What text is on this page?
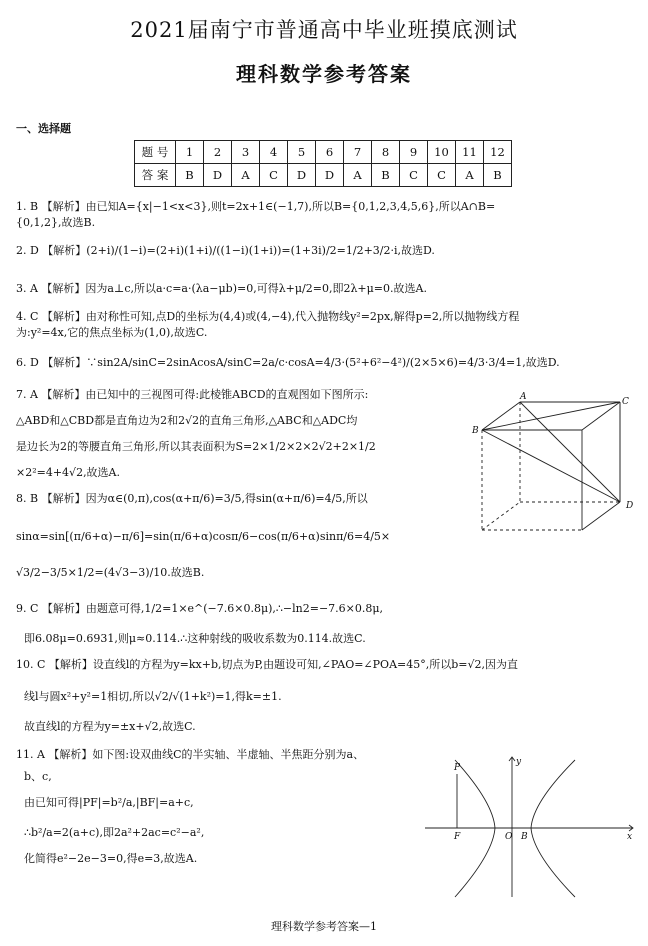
2021届南宁市普通高中毕业班摸底测试
理科数学参考答案
一、选择题
题 号	1	2	3	4	5	6	7	8	9	10	11	12
答 案	B	D	A	C	D	D	A	B	C	C	A	B
1. B 【解析】由已知A={x|−1<x<3},则t=2x+1∈(−1,7),所以B={0,1,2,3,4,5,6},所以A∩B=
{0,1,2},故选B.
2. D 【解析】(2+i)/(1−i)=(2+i)(1+i)/((1−i)(1+i))=(1+3i)/2=1/2+3/2·i,故选D.
3. A 【解析】因为a⊥c,所以a·c=a·(λa−μb)=0,可得λ+μ/2=0,即2λ+μ=0.故选A.
4. C 【解析】由对称性可知,点D的坐标为(4,4)或(4,−4),代入抛物线y²=2px,解得p=2,所以抛物线方程
为:y²=4x,它的焦点坐标为(1,0),故选C.
6. D 【解析】∵sin2A/sinC=2sinAcosA/sinC=2a/c·cosA=4/3·(5²+6²−4²)/(2×5×6)=4/3·3/4=1,故选D.
7. A 【解析】由已知中的三视图可得:此棱锥ABCD的直观图如下图所示:
△ABD和△CBD都是直角边为2和2√2的直角三角形,△ABC和△ADC均
是边长为2的等腰直角三角形,所以其表面积为S=2×1/2×2×2√2+2×1/2
×2²=4+4√2,故选A.
8. B 【解析】因为α∈(0,π),cos(α+π/6)=3/5,得sin(α+π/6)=4/5,所以
sinα=sin[(π/6+α)−π/6]=sin(π/6+α)cosπ/6−cos(π/6+α)sinπ/6=4/5×
√3/2−3/5×1/2=(4√3−3)/10.故选B.
9. C 【解析】由题意可得,1/2=1×e^(−7.6×0.8μ),∴−ln2=−7.6×0.8μ,
即6.08μ=0.6931,则μ≈0.114.∴这种射线的吸收系数为0.114.故选C.
10. C 【解析】设直线l的方程为y=kx+b,切点为P,由题设可知,∠PAO=∠POA=45°,所以b=√2,因为直
线l与圆x²+y²=1相切,所以√2/√(1+k²)=1,得k=±1.
故直线l的方程为y=±x+√2,故选C.
11. A 【解析】如下图:设双曲线C的半实轴、半虚轴、半焦距分别为a、
b、c,
由已知可得|PF|=b²/a,|BF|=a+c,
∴b²/a=2(a+c),即2a²+2ac=c²−a²,
化简得e²−2e−3=0,得e=3,故选A.
A	C
B
D
y
P
F	O B	x
理科数学参考答案—1
